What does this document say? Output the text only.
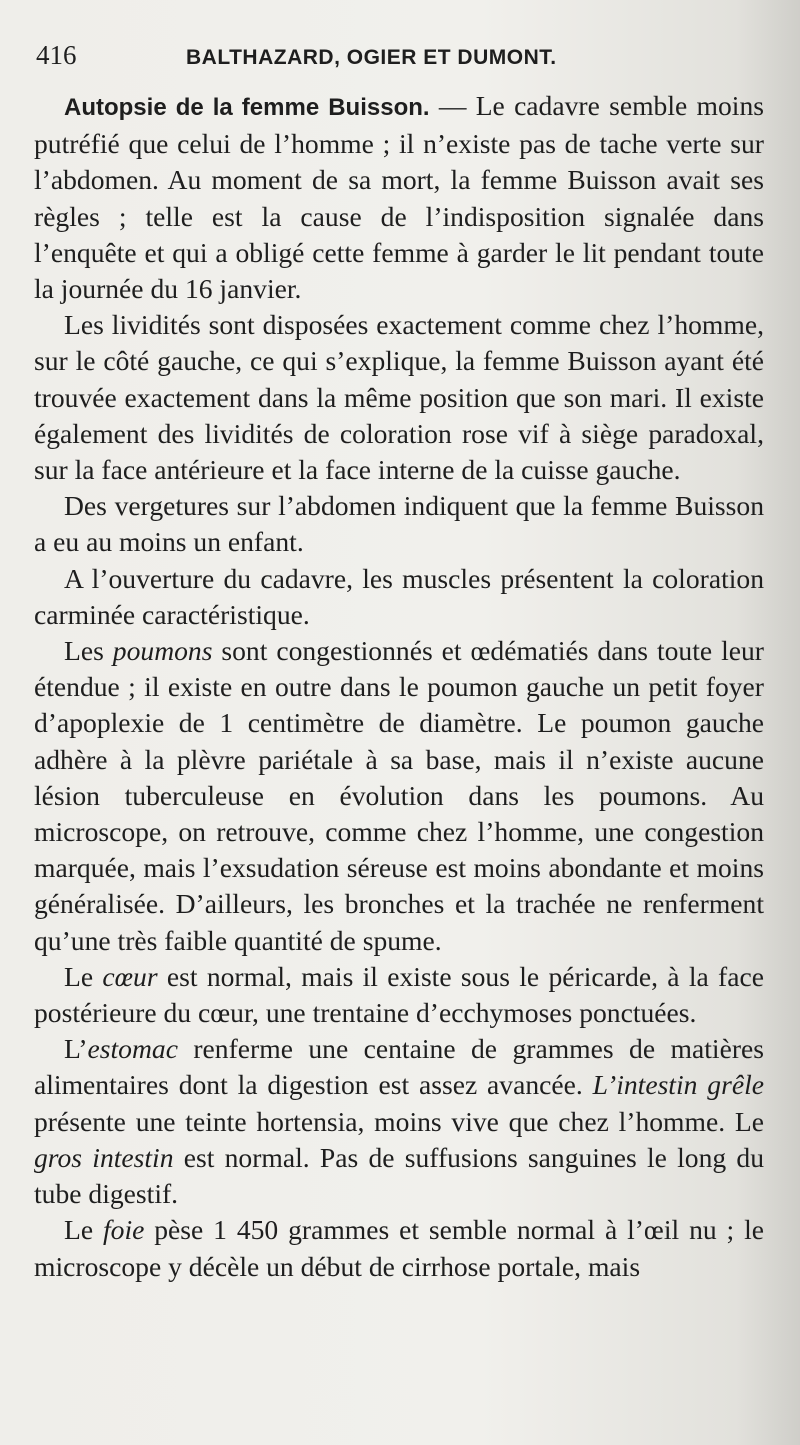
416	BALTHAZARD, OGIER ET DUMONT.

Autopsie de la femme Buisson. — Le cadavre semble moins putréfié que celui de l’homme ; il n’existe pas de tache verte sur l’abdomen. Au moment de sa mort, la femme Buisson avait ses règles ; telle est la cause de l’indisposition signalée dans l’enquête et qui a obligé cette femme à garder le lit pendant toute la journée du 16 janvier.

Les lividités sont disposées exactement comme chez l’homme, sur le côté gauche, ce qui s’explique, la femme Buisson ayant été trouvée exactement dans la même position que son mari. Il existe également des lividités de coloration rose vif à siège paradoxal, sur la face antérieure et la face interne de la cuisse gauche.

Des vergetures sur l’abdomen indiquent que la femme Buisson a eu au moins un enfant.

A l’ouverture du cadavre, les muscles présentent la coloration carminée caractéristique.

Les poumons sont congestionnés et œdématiés dans toute leur étendue ; il existe en outre dans le poumon gauche un petit foyer d’apoplexie de 1 centimètre de diamètre. Le poumon gauche adhère à la plèvre pariétale à sa base, mais il n’existe aucune lésion tuberculeuse en évolution dans les poumons. Au microscope, on retrouve, comme chez l’homme, une congestion marquée, mais l’exsudation séreuse est moins abondante et moins généralisée. D’ailleurs, les bronches et la trachée ne renferment qu’une très faible quantité de spume.

Le cœur est normal, mais il existe sous le péricarde, à la face postérieure du cœur, une trentaine d’ecchymoses ponctuées.

L’estomac renferme une centaine de grammes de matières alimentaires dont la digestion est assez avancée. L’intestin grêle présente une teinte hortensia, moins vive que chez l’homme. Le gros intestin est normal. Pas de suffusions sanguines le long du tube digestif.

Le foie pèse 1 450 grammes et semble normal à l’œil nu ; le microscope y décèle un début de cirrhose portale, mais
